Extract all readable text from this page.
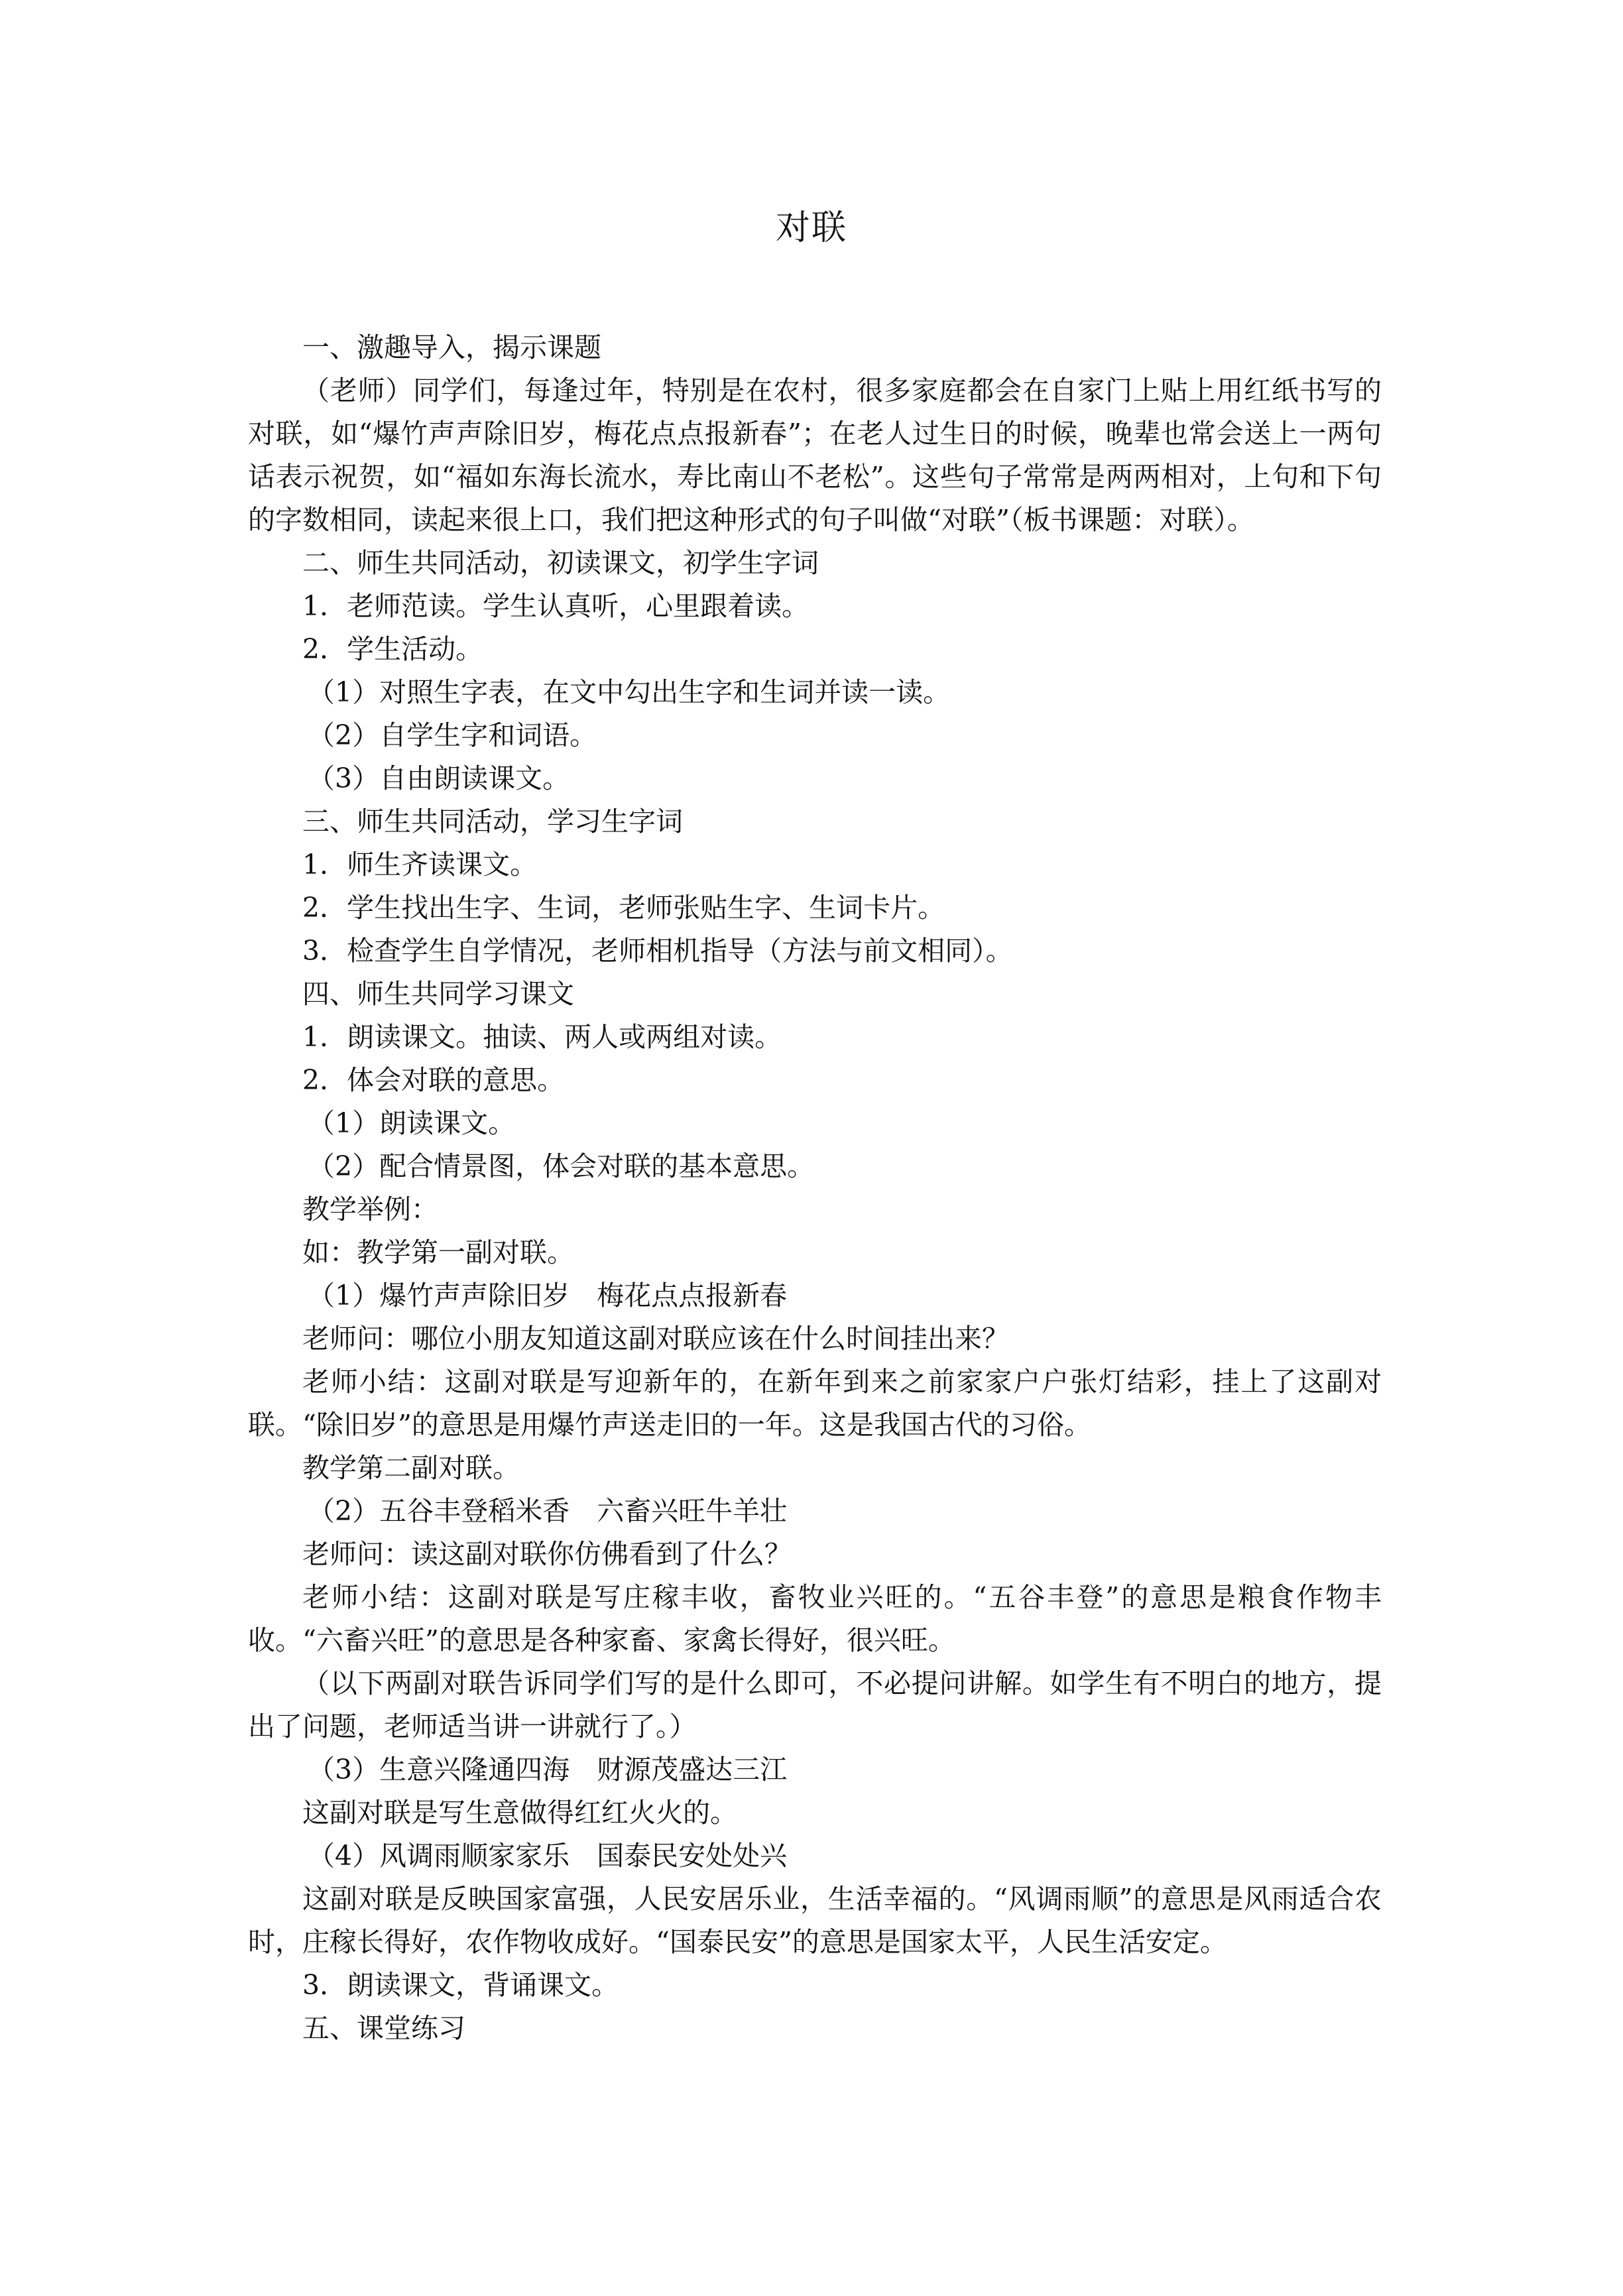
对联

一、激趣导入，揭示课题

（老师）同学们，每逢过年，特别是在农村，很多家庭都会在自家门上贴上用红纸书写的对联，如“爆竹声声除旧岁，梅花点点报新春”；在老人过生日的时候，晚辈也常会送上一两句话表示祝贺，如“福如东海长流水，寿比南山不老松”。这些句子常常是两两相对，上句和下句的字数相同，读起来很上口，我们把这种形式的句子叫做“对联”（板书课题：对联）。

二、师生共同活动，初读课文，初学生字词

1．老师范读。学生认真听，心里跟着读。

2．学生活动。

（1）对照生字表，在文中勾出生字和生词并读一读。

（2）自学生字和词语。

（3）自由朗读课文。

三、师生共同活动，学习生字词

1．师生齐读课文。

2．学生找出生字、生词，老师张贴生字、生词卡片。

3．检查学生自学情况，老师相机指导（方法与前文相同）。

四、师生共同学习课文

1．朗读课文。抽读、两人或两组对读。

2．体会对联的意思。

（1）朗读课文。

（2）配合情景图，体会对联的基本意思。

教学举例：

如：教学第一副对联。

（1）爆竹声声除旧岁　梅花点点报新春

老师问：哪位小朋友知道这副对联应该在什么时间挂出来？

老师小结：这副对联是写迎新年的，在新年到来之前家家户户张灯结彩，挂上了这副对联。“除旧岁”的意思是用爆竹声送走旧的一年。这是我国古代的习俗。

教学第二副对联。

（2）五谷丰登稻米香　六畜兴旺牛羊壮

老师问：读这副对联你仿佛看到了什么？

老师小结：这副对联是写庄稼丰收，畜牧业兴旺的。“五谷丰登”的意思是粮食作物丰收。“六畜兴旺”的意思是各种家畜、家禽长得好，很兴旺。

（以下两副对联告诉同学们写的是什么即可，不必提问讲解。如学生有不明白的地方，提出了问题，老师适当讲一讲就行了。）

（3）生意兴隆通四海　财源茂盛达三江

这副对联是写生意做得红红火火的。

（4）风调雨顺家家乐　国泰民安处处兴

这副对联是反映国家富强，人民安居乐业，生活幸福的。“风调雨顺”的意思是风雨适合农时，庄稼长得好，农作物收成好。“国泰民安”的意思是国家太平，人民生活安定。

3．朗读课文，背诵课文。

五、课堂练习
